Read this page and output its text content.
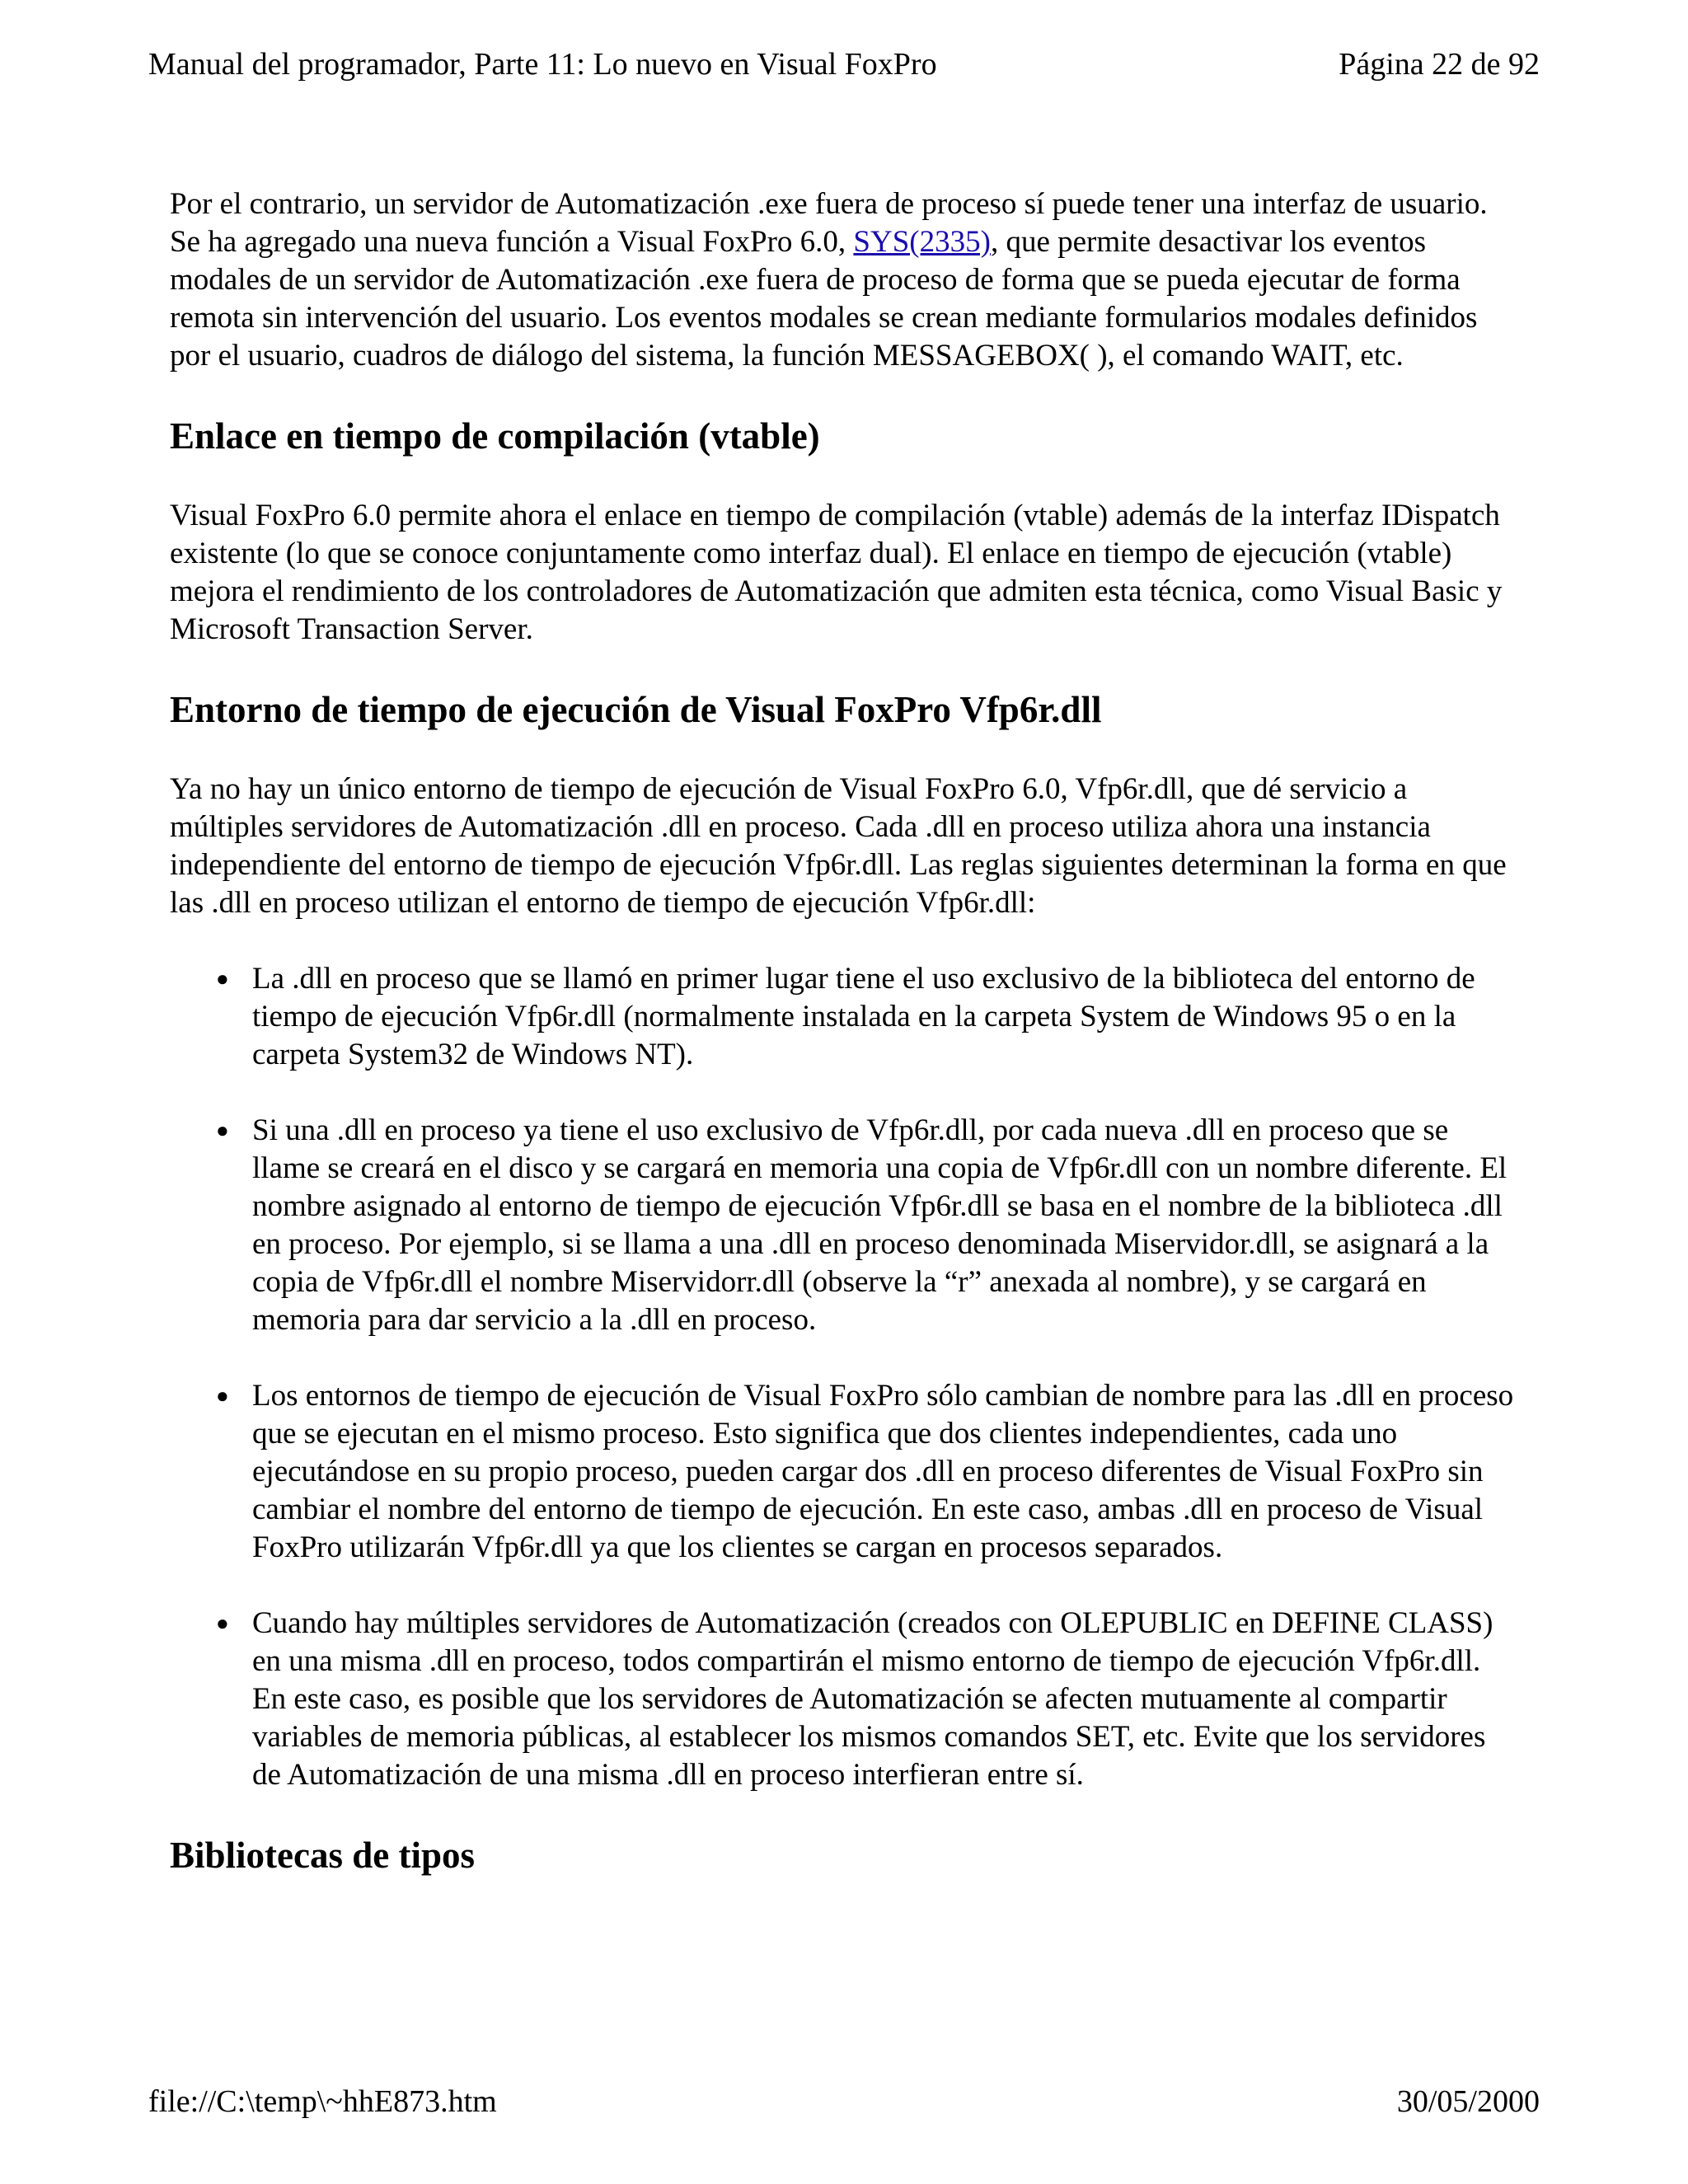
Manual del programador, Parte 11: Lo nuevo en Visual FoxPro	Página 22 de 92

Por el contrario, un servidor de Automatización .exe fuera de proceso sí puede tener una interfaz de usuario. Se ha agregado una nueva función a Visual FoxPro 6.0, SYS(2335), que permite desactivar los eventos modales de un servidor de Automatización .exe fuera de proceso de forma que se pueda ejecutar de forma remota sin intervención del usuario. Los eventos modales se crean mediante formularios modales definidos por el usuario, cuadros de diálogo del sistema, la función MESSAGEBOX( ), el comando WAIT, etc.

Enlace en tiempo de compilación (vtable)

Visual FoxPro 6.0 permite ahora el enlace en tiempo de compilación (vtable) además de la interfaz IDispatch existente (lo que se conoce conjuntamente como interfaz dual). El enlace en tiempo de ejecución (vtable) mejora el rendimiento de los controladores de Automatización que admiten esta técnica, como Visual Basic y Microsoft Transaction Server.

Entorno de tiempo de ejecución de Visual FoxPro Vfp6r.dll

Ya no hay un único entorno de tiempo de ejecución de Visual FoxPro 6.0, Vfp6r.dll, que dé servicio a múltiples servidores de Automatización .dll en proceso. Cada .dll en proceso utiliza ahora una instancia independiente del entorno de tiempo de ejecución Vfp6r.dll. Las reglas siguientes determinan la forma en que las .dll en proceso utilizan el entorno de tiempo de ejecución Vfp6r.dll:

● La .dll en proceso que se llamó en primer lugar tiene el uso exclusivo de la biblioteca del entorno de tiempo de ejecución Vfp6r.dll (normalmente instalada en la carpeta System de Windows 95 o en la carpeta System32 de Windows NT).
● Si una .dll en proceso ya tiene el uso exclusivo de Vfp6r.dll, por cada nueva .dll en proceso que se llame se creará en el disco y se cargará en memoria una copia de Vfp6r.dll con un nombre diferente. El nombre asignado al entorno de tiempo de ejecución Vfp6r.dll se basa en el nombre de la biblioteca .dll en proceso. Por ejemplo, si se llama a una .dll en proceso denominada Miservidor.dll, se asignará a la copia de Vfp6r.dll el nombre Miservidorr.dll (observe la “r” anexada al nombre), y se cargará en memoria para dar servicio a la .dll en proceso.
● Los entornos de tiempo de ejecución de Visual FoxPro sólo cambian de nombre para las .dll en proceso que se ejecutan en el mismo proceso. Esto significa que dos clientes independientes, cada uno ejecutándose en su propio proceso, pueden cargar dos .dll en proceso diferentes de Visual FoxPro sin cambiar el nombre del entorno de tiempo de ejecución. En este caso, ambas .dll en proceso de Visual FoxPro utilizarán Vfp6r.dll ya que los clientes se cargan en procesos separados.
● Cuando hay múltiples servidores de Automatización (creados con OLEPUBLIC en DEFINE CLASS) en una misma .dll en proceso, todos compartirán el mismo entorno de tiempo de ejecución Vfp6r.dll. En este caso, es posible que los servidores de Automatización se afecten mutuamente al compartir variables de memoria públicas, al establecer los mismos comandos SET, etc. Evite que los servidores de Automatización de una misma .dll en proceso interfieran entre sí.
Bibliotecas de tipos
file://C:\temp\~hhE873.htm	30/05/2000
